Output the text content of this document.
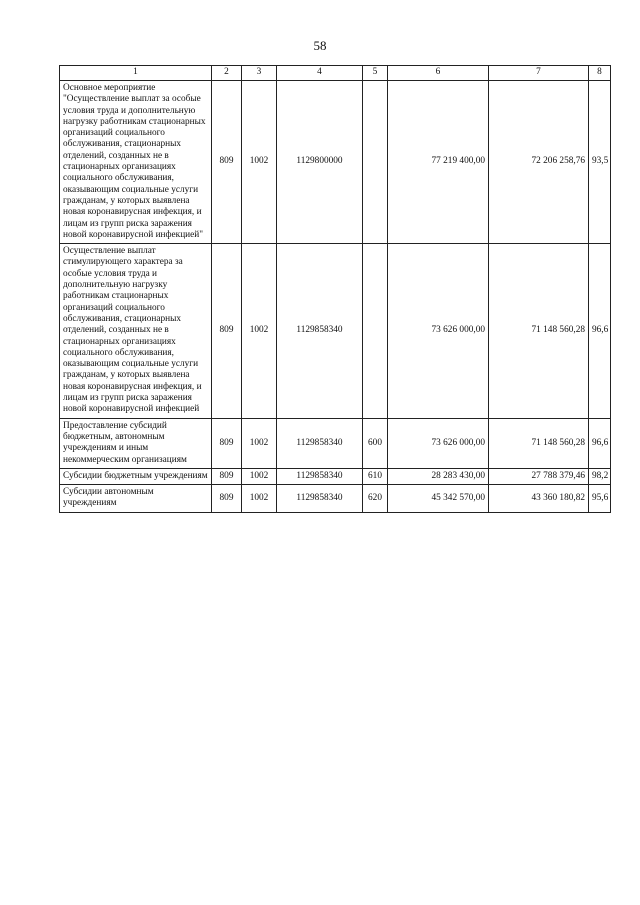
58
1	2	3	4	5	6	7	8
Основное мероприятие "Осуществление выплат за особые условия труда и дополнительную нагрузку работникам стационарных организаций социального обслуживания, стационарных отделений, созданных не в стационарных организациях социального обслуживания, оказывающим социальные услуги гражданам, у которых выявлена новая коронавирусная инфекция, и лицам из групп риска заражения новой коронавирусной инфекцией"	809	1002	1129800000		77 219 400,00	72 206 258,76	93,5
Осуществление выплат стимулирующего характера за особые условия труда и дополнительную нагрузку работникам стационарных организаций социального обслуживания, стационарных отделений, созданных не в стационарных организациях социального обслуживания, оказывающим социальные услуги гражданам, у которых выявлена новая коронавирусная инфекция, и лицам из групп риска заражения новой коронавирусной инфекцией	809	1002	1129858340		73 626 000,00	71 148 560,28	96,6
Предоставление субсидий бюджетным, автономным учреждениям и иным некоммерческим организациям	809	1002	1129858340	600	73 626 000,00	71 148 560,28	96,6
Субсидии бюджетным учреждениям	809	1002	1129858340	610	28 283 430,00	27 788 379,46	98,2
Субсидии автономным учреждениям	809	1002	1129858340	620	45 342 570,00	43 360 180,82	95,6
